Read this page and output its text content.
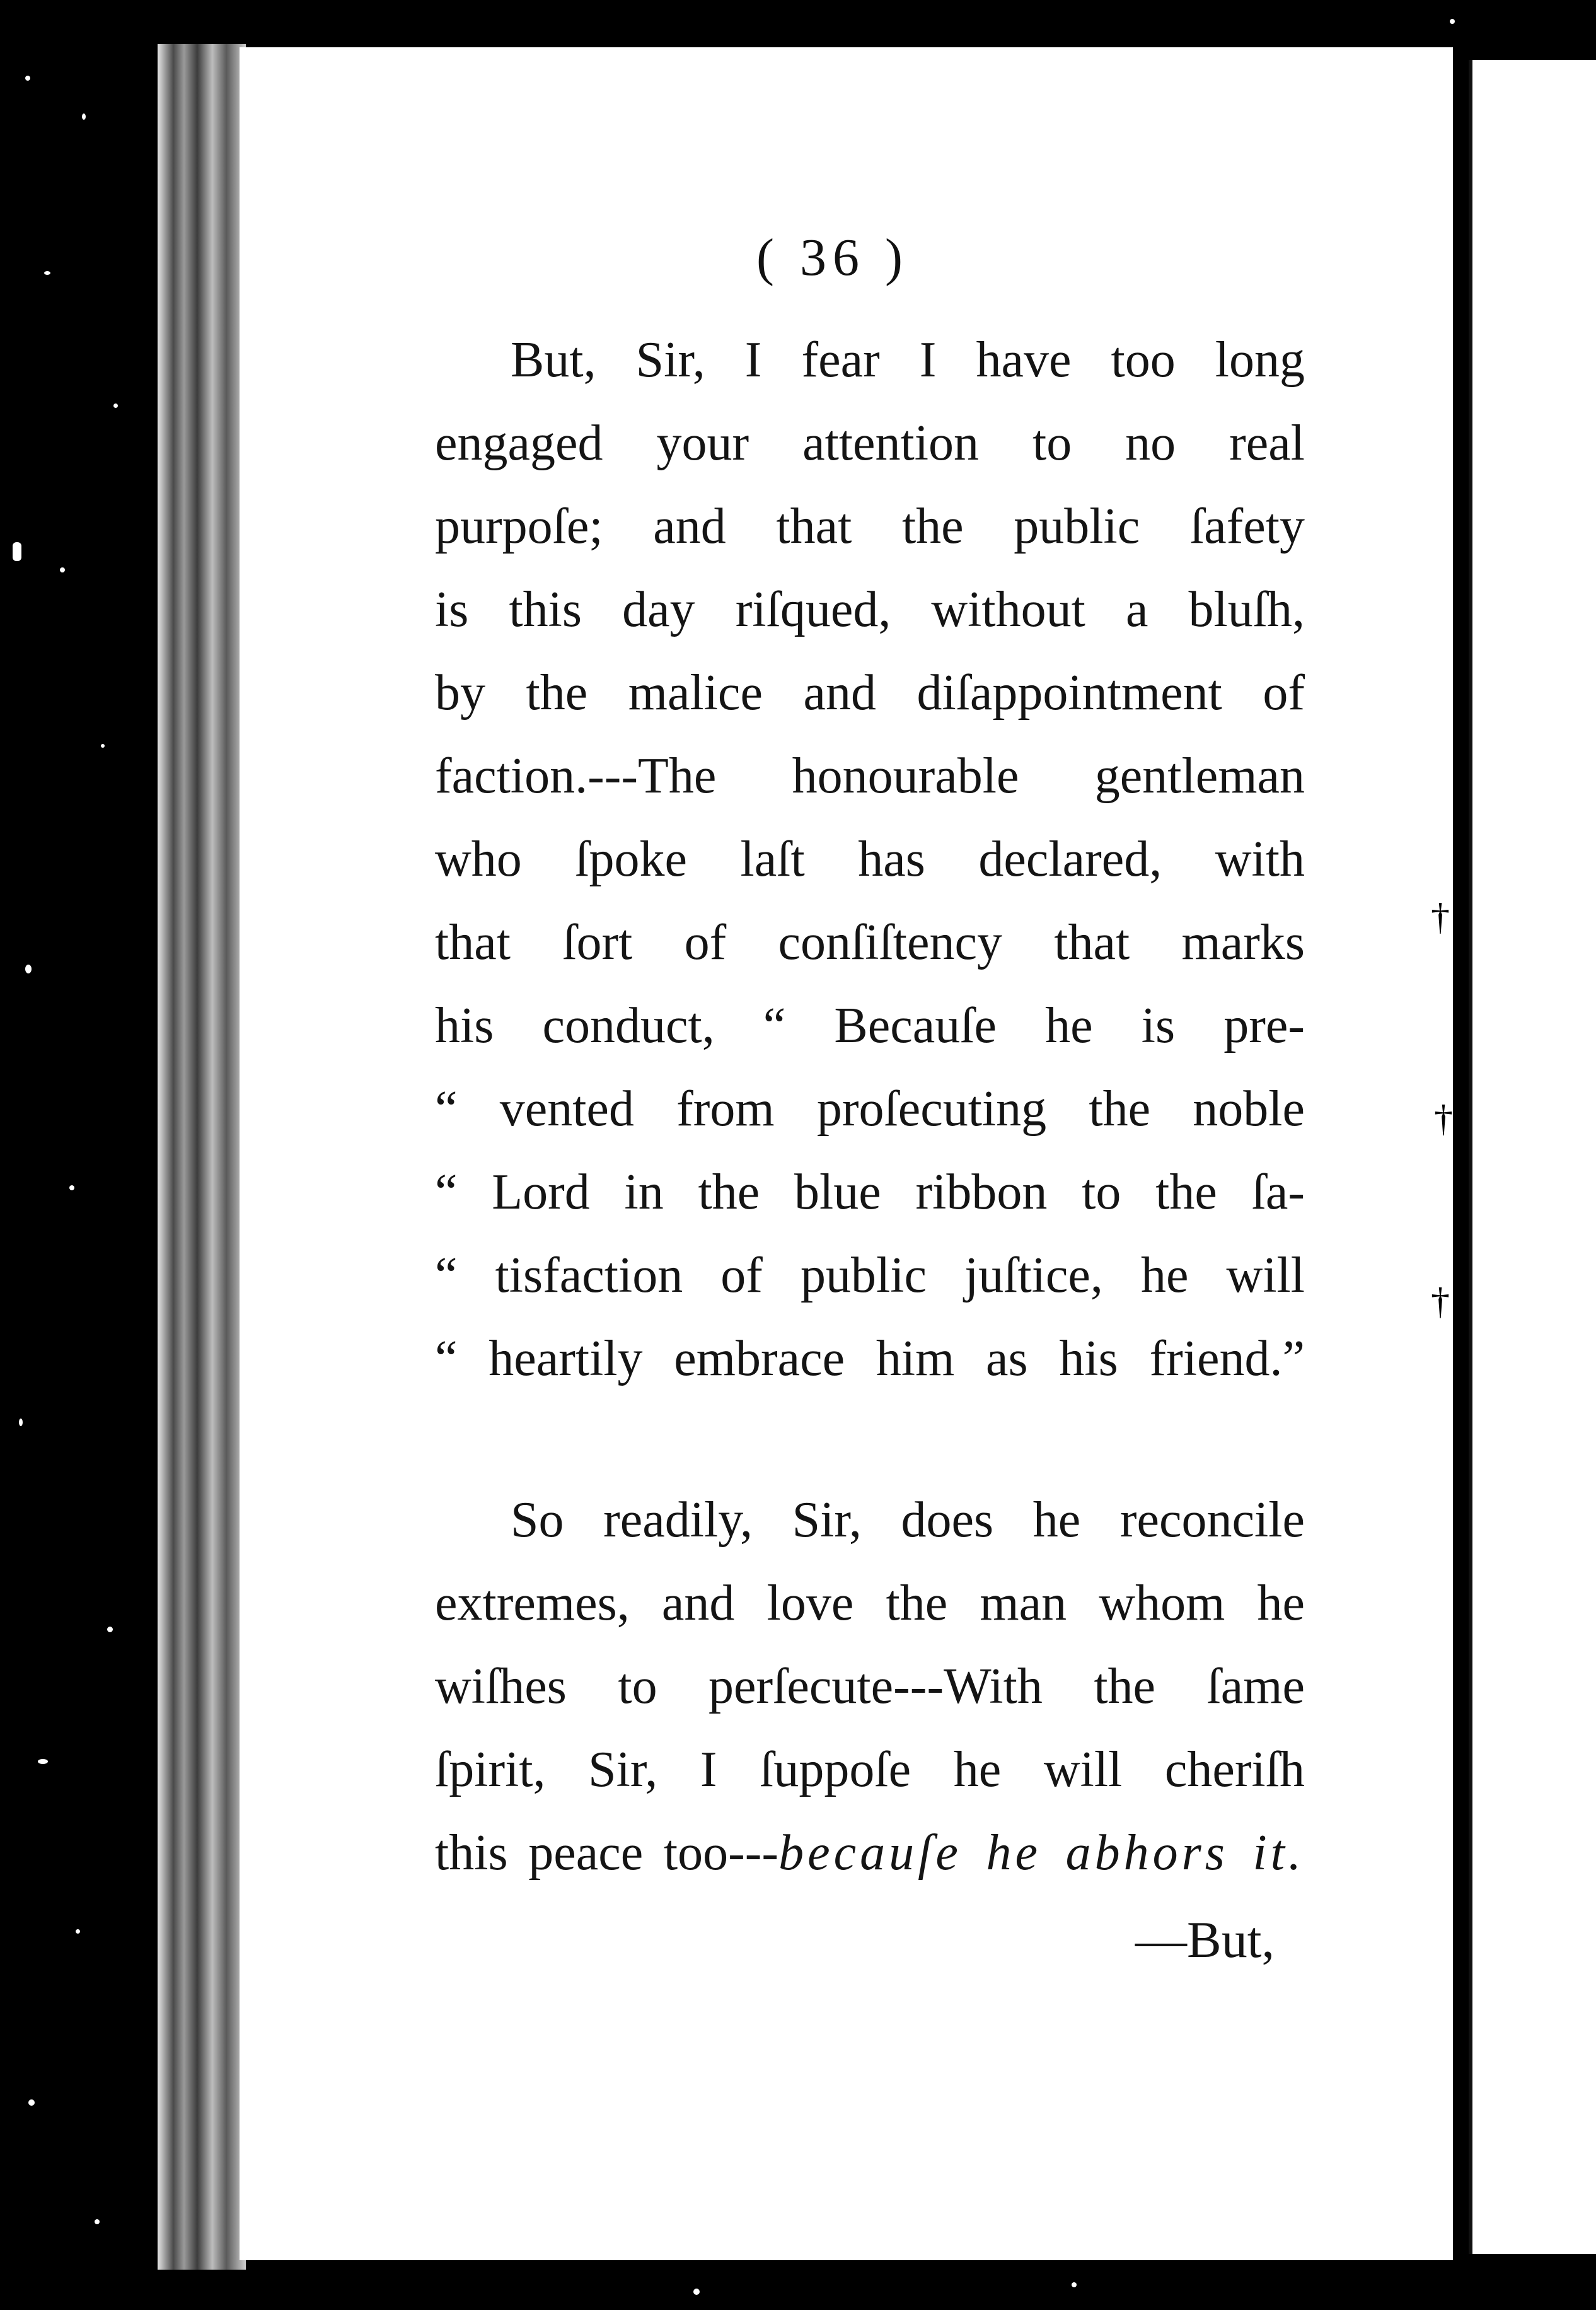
†
†
†
( 36 )
But, Sir, I fear I have too long
engaged your attention to no real
purpoſe; and that the public ſafety
is this day riſqued, without a bluſh,
by the malice and diſappointment of
faction.---The honourable gentleman
who ſpoke laſt has declared, with
that ſort of conſiſtency that marks
his conduct, “ Becauſe he is pre-
“ vented from proſecuting the noble
“ Lord in the blue ribbon to the ſa-
“ tisfaction of public juſtice, he will
“ heartily embrace him as his friend.”
So readily, Sir, does he reconcile
extremes, and love the man whom he
wiſhes to perſecute---With the ſame
ſpirit, Sir, I ſuppoſe he will cheriſh
this peace too---becauſe he abhors it.
—But,
